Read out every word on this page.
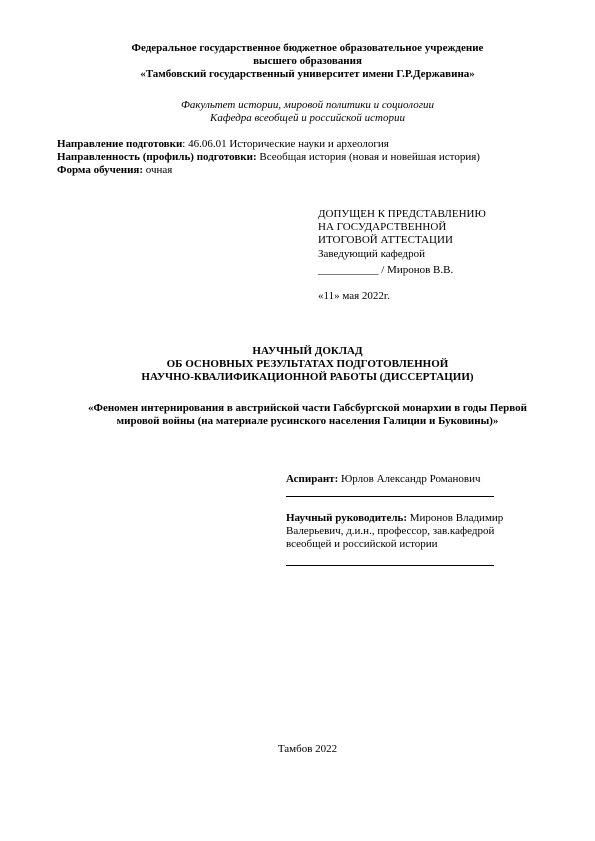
Федеральное государственное бюджетное образовательное учреждение

высшего образования

«Тамбовский государственный университет имени Г.Р.Державина»

Факультет истории, мировой политики и социологии

Кафедра всеобщей и российской истории

Направление подготовки: 46.06.01 Исторические науки и археология

Направленность (профиль) подготовки: Всеобщая история (новая и новейшая история)

Форма обучения: очная

ДОПУЩЕН К ПРЕДСТАВЛЕНИЮ

НА ГОСУДАРСТВЕННОЙ

ИТОГОВОЙ АТТЕСТАЦИИ

Заведующий кафедрой

___________ / Миронов В.В.

«11» мая 2022г.

НАУЧНЫЙ ДОКЛАД

ОБ ОСНОВНЫХ РЕЗУЛЬТАТАХ ПОДГОТОВЛЕННОЙ

НАУЧНО-КВАЛИФИКАЦИОННОЙ РАБОТЫ (ДИССЕРТАЦИИ)

«Феномен интернирования в австрийской части Габсбургской монархии в годы Первой

мировой войны (на материале русинского населения Галиции и Буковины)»

Аспирант: Юрлов Александр Романович

Научный руководитель: Миронов Владимир

Валерьевич, д.и.н., профессор, зав.кафедрой

всеобщей и российской истории

Тамбов 2022
